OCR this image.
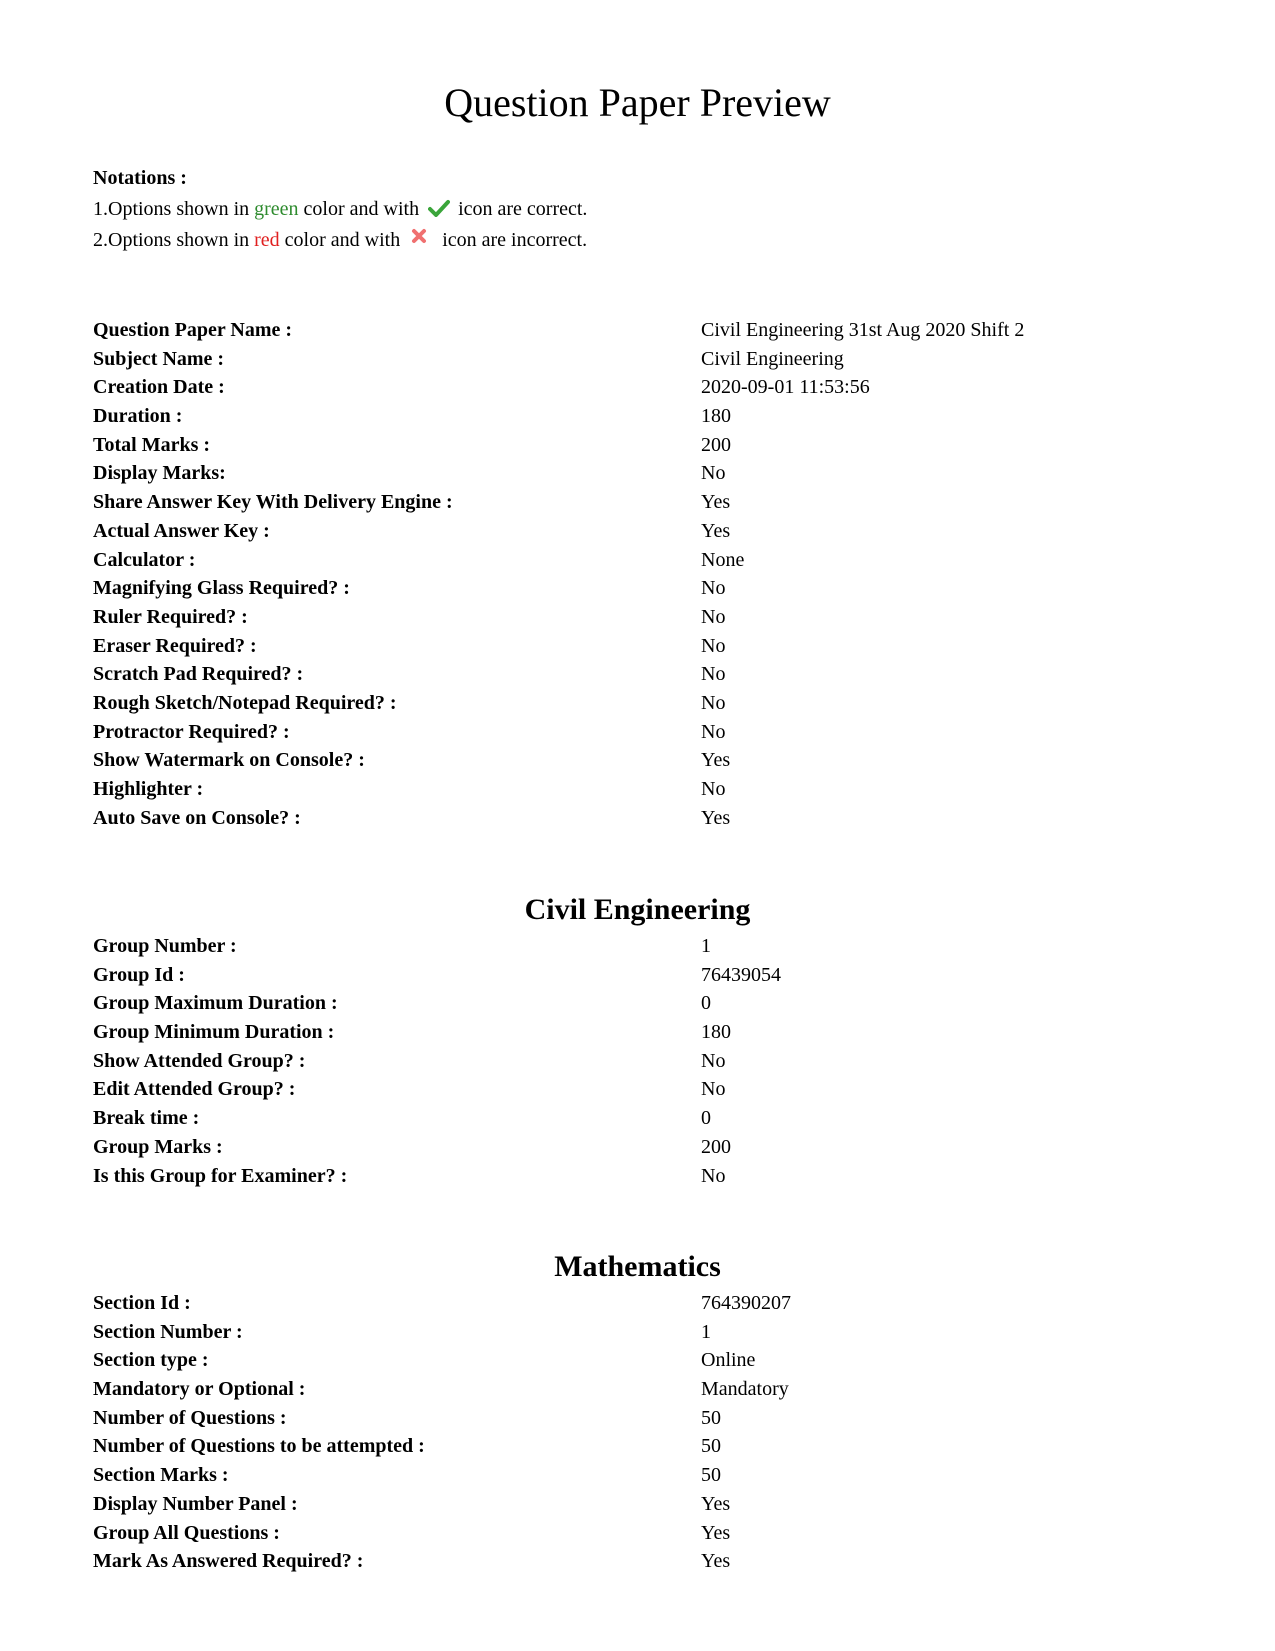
Question Paper Preview
Notations :
1.Options shown in green color and with  icon are correct.
2.Options shown in red color and with  icon are incorrect.
Question Paper Name :	Civil Engineering 31st Aug 2020 Shift 2
Subject Name :	Civil Engineering
Creation Date :	2020-09-01 11:53:56
Duration :	180
Total Marks :	200
Display Marks:	No
Share Answer Key With Delivery Engine :	Yes
Actual Answer Key :	Yes
Calculator :	None
Magnifying Glass Required? :	No
Ruler Required? :	No
Eraser Required? :	No
Scratch Pad Required? :	No
Rough Sketch/Notepad Required? :	No
Protractor Required? :	No
Show Watermark on Console? :	Yes
Highlighter :	No
Auto Save on Console? :	Yes
Civil Engineering
Group Number :	1
Group Id :	76439054
Group Maximum Duration :	0
Group Minimum Duration :	180
Show Attended Group? :	No
Edit Attended Group? :	No
Break time :	0
Group Marks :	200
Is this Group for Examiner? :	No
Mathematics
Section Id :	764390207
Section Number :	1
Section type :	Online
Mandatory or Optional :	Mandatory
Number of Questions :	50
Number of Questions to be attempted :	50
Section Marks :	50
Display Number Panel :	Yes
Group All Questions :	Yes
Mark As Answered Required? :	Yes
